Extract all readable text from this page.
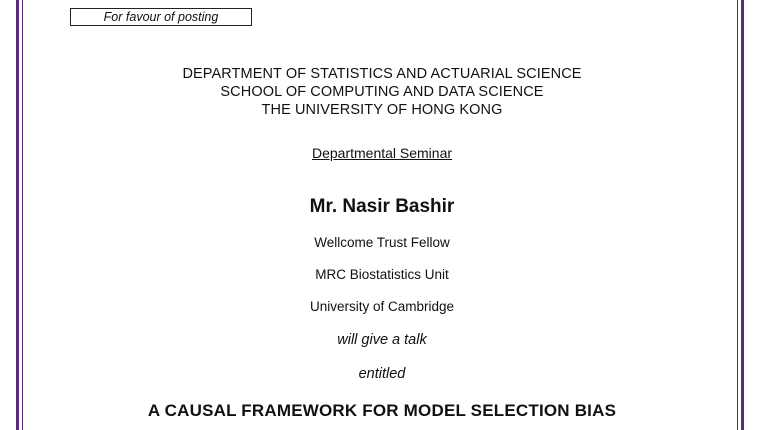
For favour of posting
DEPARTMENT OF STATISTICS AND ACTUARIAL SCIENCE
SCHOOL OF COMPUTING AND DATA SCIENCE
THE UNIVERSITY OF HONG KONG
Departmental Seminar
Mr. Nasir Bashir
Wellcome Trust Fellow
MRC Biostatistics Unit
University of Cambridge
will give a talk
entitled
A CAUSAL FRAMEWORK FOR MODEL SELECTION BIAS
